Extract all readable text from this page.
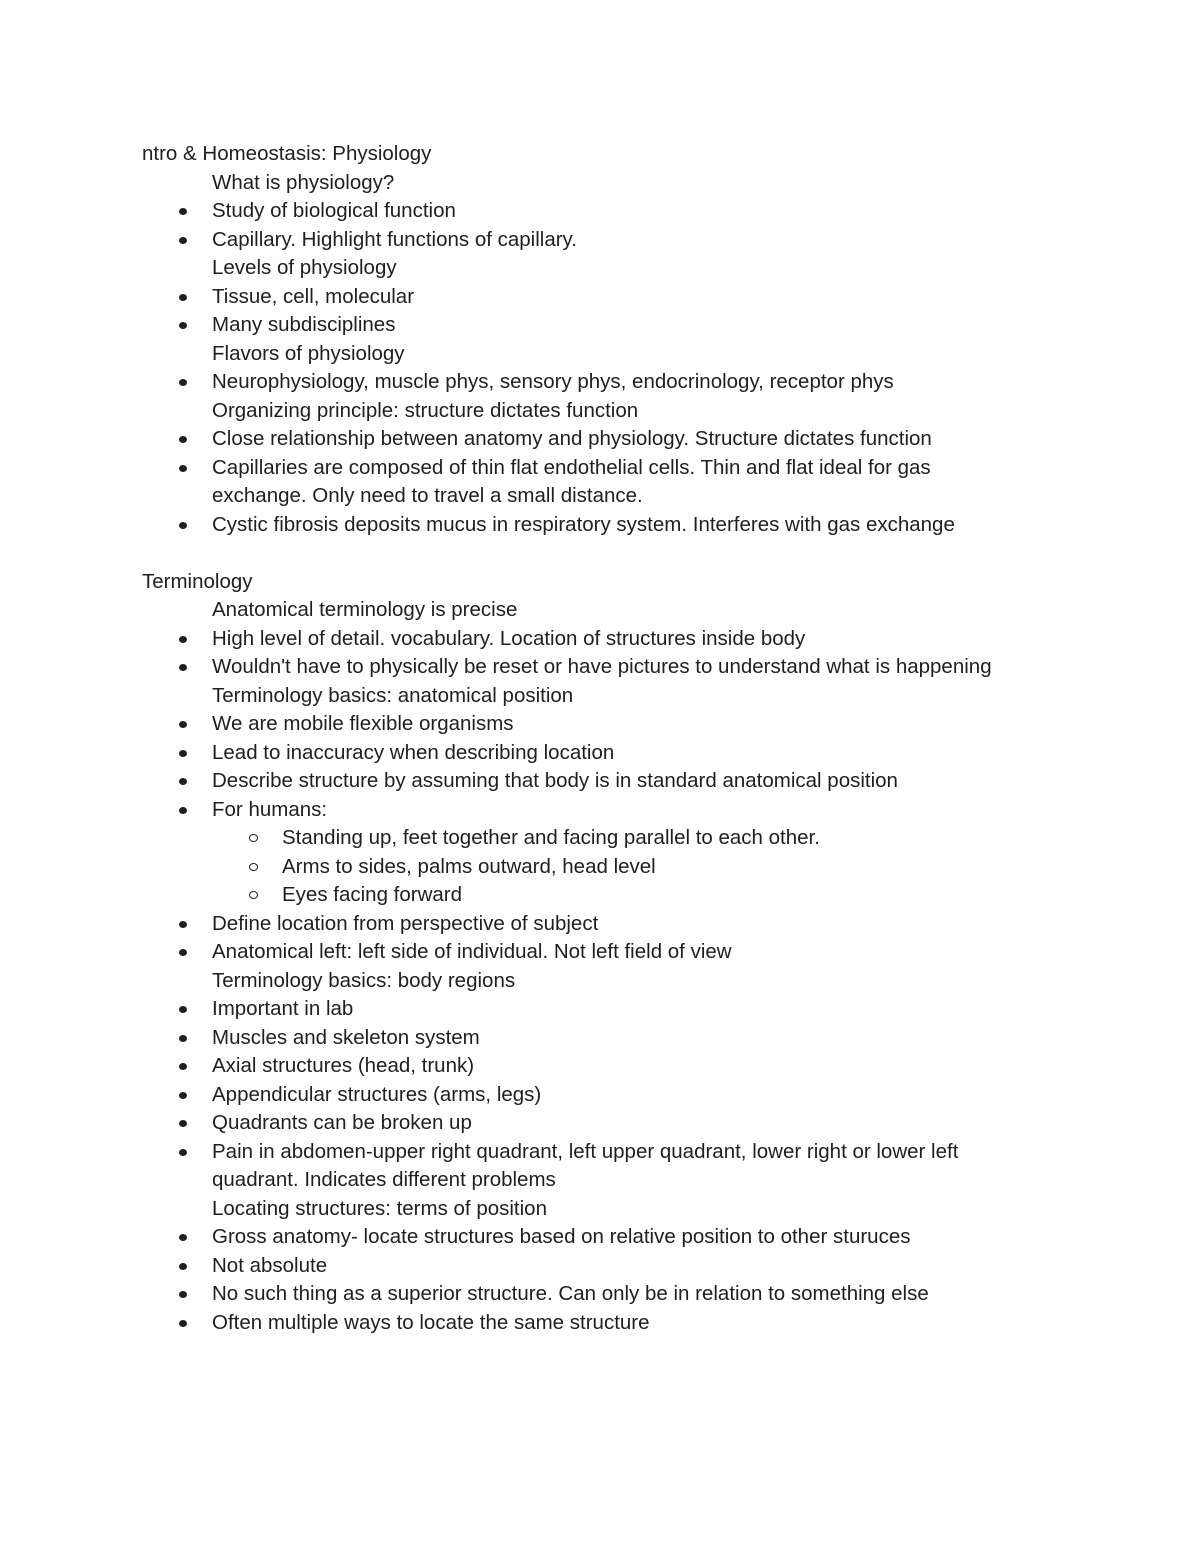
ntro & Homeostasis: Physiology
What is physiology?
Study of biological function
Capillary. Highlight functions of capillary.
Levels of physiology
Tissue, cell, molecular
Many subdisciplines
Flavors of physiology
Neurophysiology, muscle phys, sensory phys, endocrinology, receptor phys
Organizing principle: structure dictates function
Close relationship between anatomy and physiology. Structure dictates function
Capillaries are composed of thin flat endothelial cells. Thin and flat ideal for gas
exchange. Only need to travel a small distance.
Cystic fibrosis deposits mucus in respiratory system. Interferes with gas exchange
Terminology
Anatomical terminology is precise
High level of detail. vocabulary. Location of structures inside body
Wouldn't have to physically be reset or have pictures to understand what is happening
Terminology basics: anatomical position
We are mobile flexible organisms
Lead to inaccuracy when describing location
Describe structure by assuming that body is in standard anatomical position
For humans:
Standing up, feet together and facing parallel to each other.
Arms to sides, palms outward, head level
Eyes facing forward
Define location from perspective of subject
Anatomical left: left side of individual. Not left field of view
Terminology basics: body regions
Important in lab
Muscles and skeleton system
Axial structures (head, trunk)
Appendicular structures (arms, legs)
Quadrants can be broken up
Pain in abdomen-upper right quadrant, left upper quadrant, lower right or lower left
quadrant. Indicates different problems
Locating structures: terms of position
Gross anatomy- locate structures based on relative position to other sturuces
Not absolute
No such thing as a superior structure. Can only be in relation to something else
Often multiple ways to locate the same structure
